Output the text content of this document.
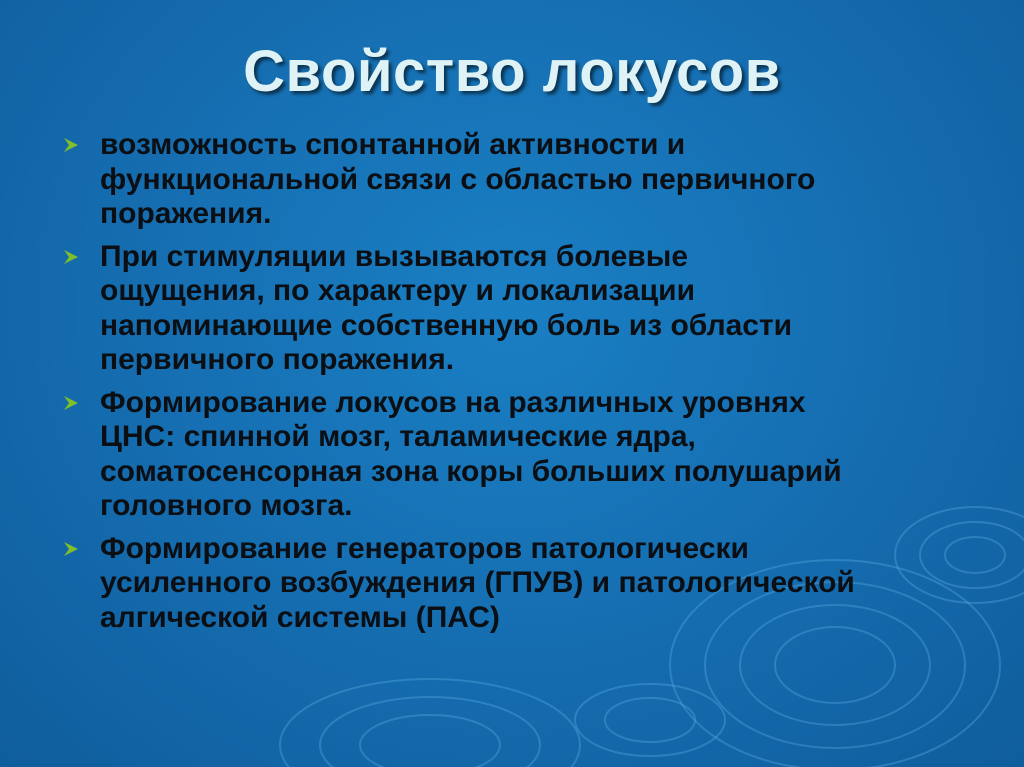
Свойство локусов
возможность спонтанной активности и
функциональной связи с областью первичного
поражения.
При стимуляции вызываются болевые
ощущения, по характеру и локализации
напоминающие собственную боль из области
первичного поражения.
Формирование локусов на различных уровнях
ЦНС: спинной мозг, таламические ядра,
соматосенсорная зона коры больших полушарий
головного мозга.
Формирование генераторов патологически
усиленного возбуждения (ГПУВ) и патологической
алгической системы (ПАС)
